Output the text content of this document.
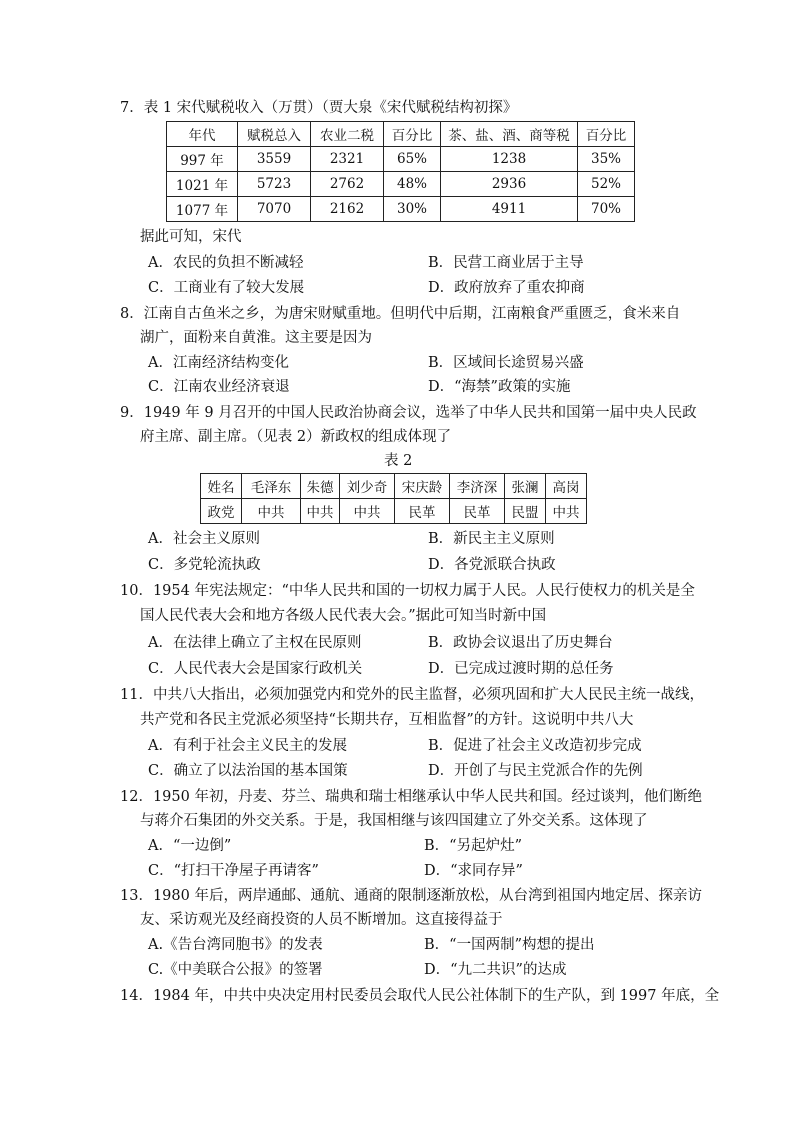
7．表 1 宋代赋税收入（万贯）（贾大泉《宋代赋税结构初探》
年代	赋税总入	农业二税	百分比	茶、盐、酒、商等税	百分比
997 年	3559	2321	65%	1238	35%
1021 年	5723	2762	48%	2936	52%
1077 年	7070	2162	30%	4911	70%
据此可知，宋代
A．农民的负担不断减轻	B．民营工商业居于主导
C．工商业有了较大发展	D．政府放弃了重农抑商
8．江南自古鱼米之乡，为唐宋财赋重地。但明代中后期，江南粮食严重匮乏，食米来自
湖广，面粉来自黄淮。这主要是因为
A．江南经济结构变化	B．区域间长途贸易兴盛
C．江南农业经济衰退	D．“海禁”政策的实施
9．1949 年 9 月召开的中国人民政治协商会议，选举了中华人民共和国第一届中央人民政
府主席、副主席。（见表 2）新政权的组成体现了
表 2
姓名	毛泽东	朱德	刘少奇	宋庆龄	李济深	张澜	高岗
政党	中共	中共	中共	民革	民革	民盟	中共
A．社会主义原则	B．新民主主义原则
C．多党轮流执政	D．各党派联合执政
10．1954 年宪法规定：“中华人民共和国的一切权力属于人民。人民行使权力的机关是全
国人民代表大会和地方各级人民代表大会。”据此可知当时新中国
A．在法律上确立了主权在民原则	B．政协会议退出了历史舞台
C．人民代表大会是国家行政机关	D．已完成过渡时期的总任务
11．中共八大指出，必须加强党内和党外的民主监督，必须巩固和扩大人民民主统一战线，
共产党和各民主党派必须坚持“长期共存，互相监督”的方针。这说明中共八大
A．有利于社会主义民主的发展	B．促进了社会主义改造初步完成
C．确立了以法治国的基本国策	D．开创了与民主党派合作的先例
12．1950 年初，丹麦、芬兰、瑞典和瑞士相继承认中华人民共和国。经过谈判，他们断绝
与蒋介石集团的外交关系。于是，我国相继与该四国建立了外交关系。这体现了
A．“一边倒”	B．“另起炉灶”
C．“打扫干净屋子再请客”	D．“求同存异”
13．1980 年后，两岸通邮、通航、通商的限制逐渐放松，从台湾到祖国内地定居、探亲访
友、采访观光及经商投资的人员不断增加。这直接得益于
A.《告台湾同胞书》的发表	B．“一国两制”构想的提出
C.《中美联合公报》的签署	D．“九二共识”的达成
14．1984 年，中共中央决定用村民委员会取代人民公社体制下的生产队，到 1997 年底，全
